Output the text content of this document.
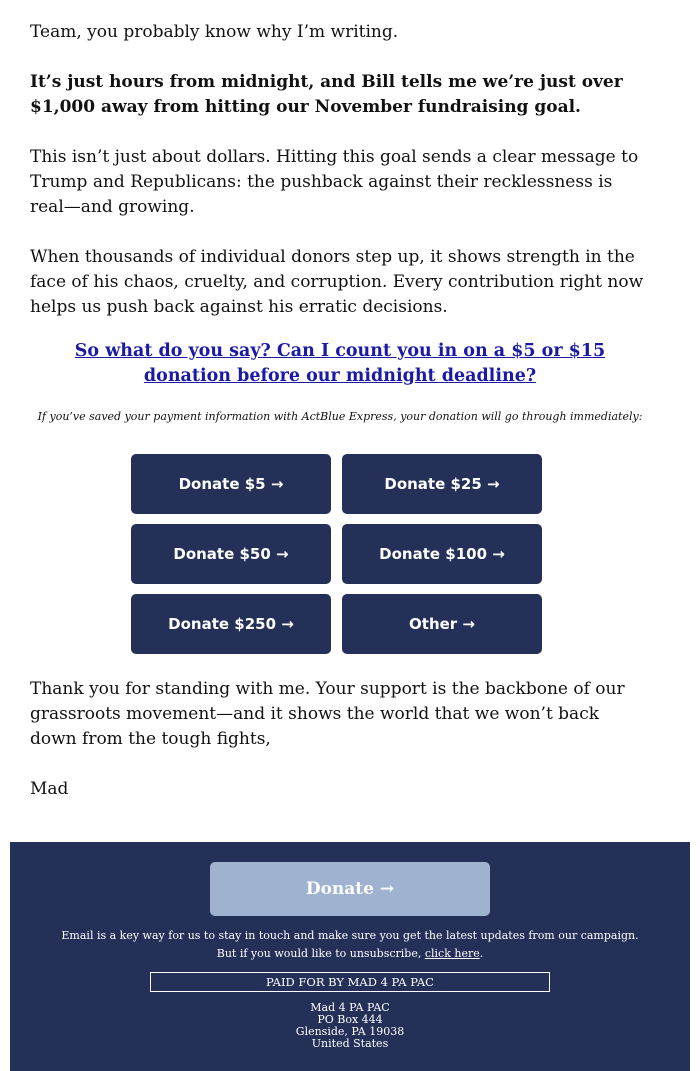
Team, you probably know why I’m writing.

It’s just hours from midnight, and Bill tells me we’re just over $1,000 away from hitting our November fundraising goal.

This isn’t just about dollars. Hitting this goal sends a clear message to Trump and Republicans: the pushback against their recklessness is real—and growing.

When thousands of individual donors step up, it shows strength in the face of his chaos, cruelty, and corruption. Every contribution right now helps us push back against his erratic decisions.

So what do you say? Can I count you in on a $5 or $15 donation before our midnight deadline?

If you’ve saved your payment information with ActBlue Express, your donation will go through immediately:

Donate $5 →	Donate $25 →
Donate $50 →	Donate $100 →
Donate $250 →	Other →

Thank you for standing with me. Your support is the backbone of our grassroots movement—and it shows the world that we won’t back down from the tough fights,

Mad

Donate →

Email is a key way for us to stay in touch and make sure you get the latest updates from our campaign. But if you would like to unsubscribe, click here.

PAID FOR BY MAD 4 PA PAC
Mad 4 PA PAC
PO Box 444
Glenside, PA 19038
United States
